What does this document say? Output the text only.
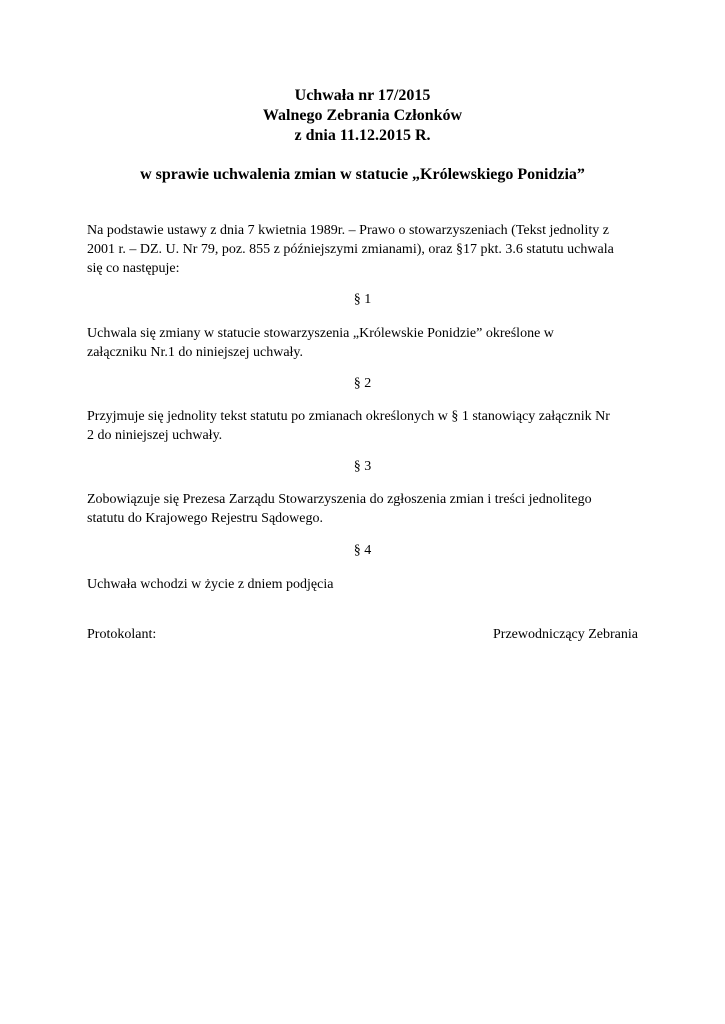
Uchwała nr 17/2015
Walnego Zebrania Członków
z dnia 11.12.2015 R.
w sprawie uchwalenia zmian w statucie „Królewskiego Ponidzia”
Na podstawie ustawy z dnia 7 kwietnia 1989r. – Prawo o stowarzyszeniach (Tekst jednolity z
2001 r. – DZ. U. Nr 79, poz. 855 z późniejszymi zmianami), oraz §17 pkt. 3.6 statutu uchwala
się co następuje:
§ 1
Uchwala się zmiany w statucie stowarzyszenia „Królewskie Ponidzie” określone w
załączniku Nr.1 do niniejszej uchwały.
§ 2
Przyjmuje się jednolity tekst statutu po zmianach określonych w § 1 stanowiący załącznik Nr
2 do niniejszej uchwały.
§ 3
Zobowiązuje się Prezesa Zarządu Stowarzyszenia do zgłoszenia zmian i treści jednolitego
statutu do Krajowego Rejestru Sądowego.
§ 4
Uchwała wchodzi w życie z dniem podjęcia
Protokolant:	Przewodniczący Zebrania
